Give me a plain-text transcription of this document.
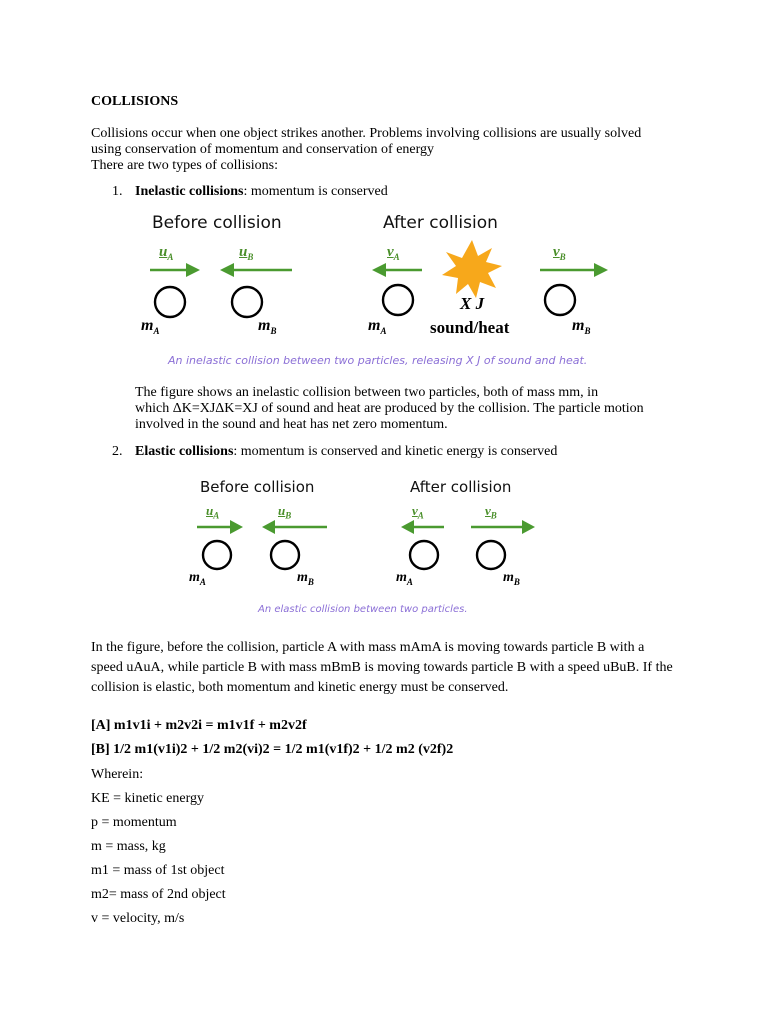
COLLISIONS
Collisions occur when one object strikes another. Problems involving collisions are usually solved
using conservation of momentum and conservation of energy
There are two types of collisions:
1. Inelastic collisions: momentum is conserved
Before collision	After collision
$u_A$	$u_B$	$v_A$	$v_B$
$m_A$	$m_B$	$m_A$	$m_B$
X J
sound/heat
An inelastic collision between two particles, releasing X J of sound and heat.
The figure shows an inelastic collision between two particles, both of mass mm, in
which ΔK=XJΔK=XJ of sound and heat are produced by the collision. The particle motion
involved in the sound and heat has net zero momentum.
2. Elastic collisions: momentum is conserved and kinetic energy is conserved
Before collision	After collision
$u_A$	$u_B$	$v_A$	$v_B$
$m_A$	$m_B$	$m_A$	$m_B$
An elastic collision between two particles.
In the figure, before the collision, particle A with mass mAmA is moving towards particle B with a
speed uAuA, while particle B with mass mBmB is moving towards particle B with a speed uBuB. If the
collision is elastic, both momentum and kinetic energy must be conserved.
[A] m1v1i + m2v2i = m1v1f + m2v2f
[B] 1/2 m1(v1i)2 + 1/2 m2(vi)2 = 1/2 m1(v1f)2 + 1/2 m2 (v2f)2
Wherein:
KE = kinetic energy
p = momentum
m = mass, kg
m1 = mass of 1st object
m2= mass of 2nd object
v = velocity, m/s
